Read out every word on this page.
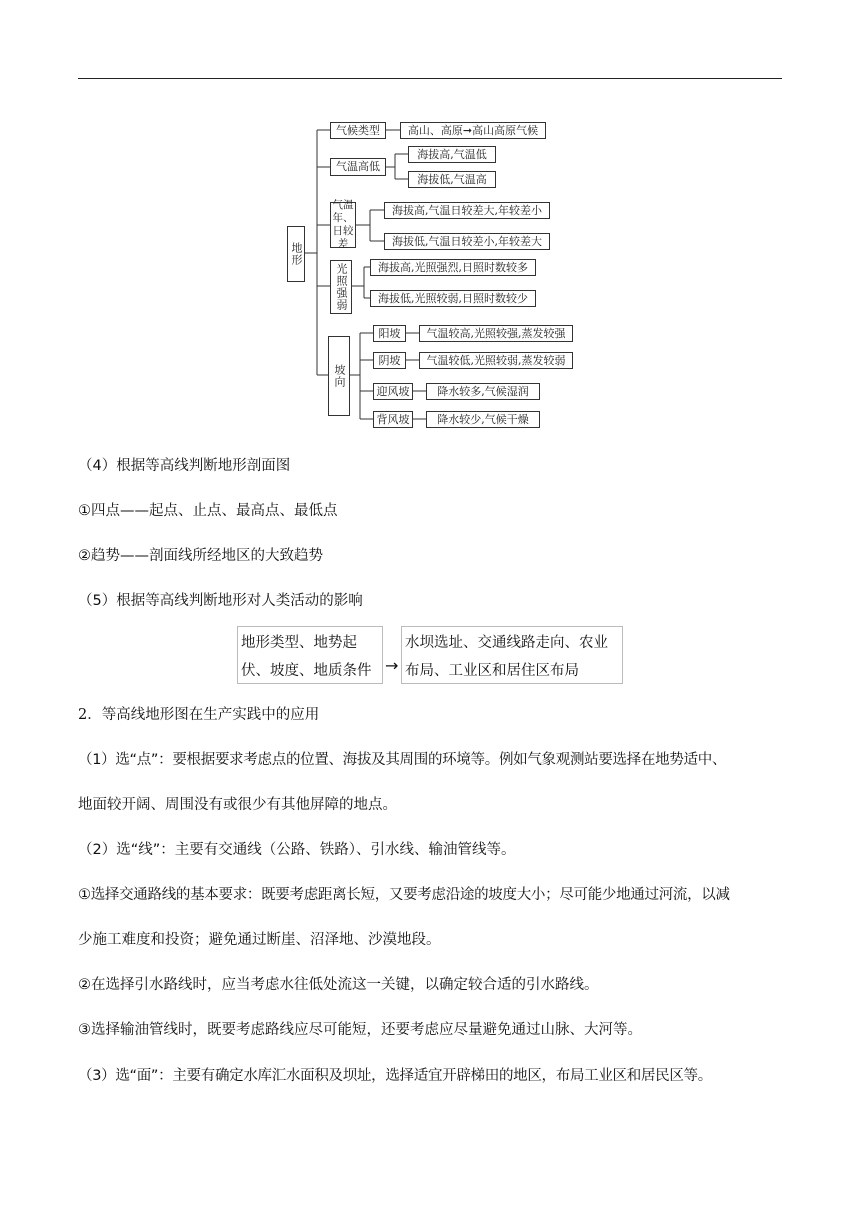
地形
气候类型	高山、高原➞高山高原气候
气温高低
海拔高,气温低
海拔低,气温高
气温年、日较差
海拔高,气温日较差大,年较差小
海拔低,气温日较差小,年较差大
光照强弱	海拔高,光照强烈,日照时数较多
海拔低,光照较弱,日照时数较少
坡向
阳坡	气温较高,光照较强,蒸发较强
阴坡	气温较低,光照较弱,蒸发较弱
迎风坡	降水较多,气候湿润
背风坡	降水较少,气候干燥
（4）根据等高线判断地形剖面图
①四点——起点、止点、最高点、最低点
②趋势——剖面线所经地区的大致趋势
（5）根据等高线判断地形对人类活动的影响
地形类型、地势起
伏、坡度、地质条件 →
水坝选址、交通线路走向、农业
布局、工业区和居住区布局
2．等高线地形图在生产实践中的应用
（1）选“点”：要根据要求考虑点的位置、海拔及其周围的环境等。例如气象观测站要选择在地势适中、
地面较开阔、周围没有或很少有其他屏障的地点。
（2）选“线”：主要有交通线（公路、铁路）、引水线、输油管线等。
①选择交通路线的基本要求：既要考虑距离长短，又要考虑沿途的坡度大小；尽可能少地通过河流，以减
少施工难度和投资；避免通过断崖、沼泽地、沙漠地段。
②在选择引水路线时，应当考虑水往低处流这一关键，以确定较合适的引水路线。
③选择输油管线时，既要考虑路线应尽可能短，还要考虑应尽量避免通过山脉、大河等。
（3）选“面”：主要有确定水库汇水面积及坝址，选择适宜开辟梯田的地区，布局工业区和居民区等。
